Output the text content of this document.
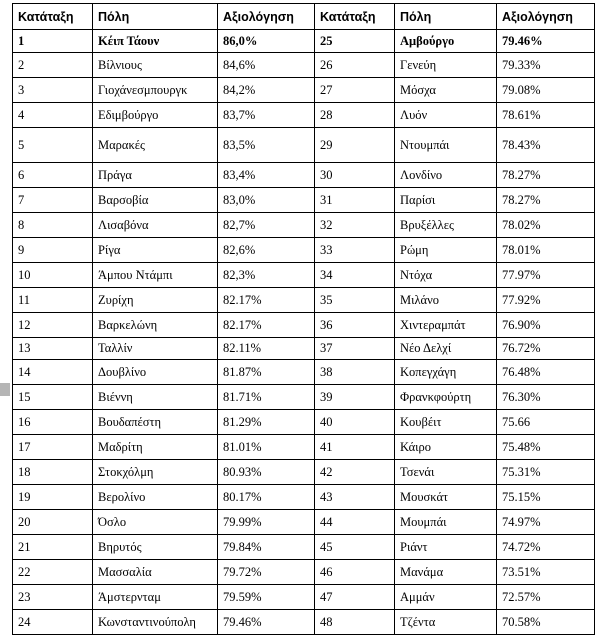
Κατάταξη	Πόλη	Αξιολόγηση	Κατάταξη	Πόλη	Αξιολόγηση
1	Κέιπ Τάουν	86,0%	25	Αμβούργο	79.46%
2	Βίλνιους	84,6%	26	Γενεύη	79.33%
3	Γιοχάνεσμπουργκ	84,2%	27	Μόσχα	79.08%
4	Εδιμβούργο	83,7%	28	Λυόν	78.61%
5	Μαρακές	83,5%	29	Ντουμπάι	78.43%
6	Πράγα	83,4%	30	Λονδίνο	78.27%
7	Βαρσοβία	83,0%	31	Παρίσι	78.27%
8	Λισαβόνα	82,7%	32	Βρυξέλλες	78.02%
9	Ρίγα	82,6%	33	Ρώμη	78.01%
10	Άμπου Ντάμπι	82,3%	34	Ντόχα	77.97%
11	Ζυρίχη	82.17%	35	Μιλάνο	77.92%
12	Βαρκελώνη	82.17%	36	Χιντεραμπάτ	76.90%
13	Ταλλίν	82.11%	37	Νέο Δελχί	76.72%
14	Δουβλίνο	81.87%	38	Κοπεγχάγη	76.48%
15	Βιέννη	81.71%	39	Φρανκφούρτη	76.30%
16	Βουδαπέστη	81.29%	40	Κουβέιτ	75.66
17	Μαδρίτη	81.01%	41	Κάιρο	75.48%
18	Στοκχόλμη	80.93%	42	Τσενάι	75.31%
19	Βερολίνο	80.17%	43	Μουσκάτ	75.15%
20	Όσλο	79.99%	44	Μουμπάι	74.97%
21	Βηρυτός	79.84%	45	Ριάντ	74.72%
22	Μασσαλία	79.72%	46	Μανάμα	73.51%
23	Άμστερνταμ	79.59%	47	Αμμάν	72.57%
24	Κωνσταντινούπολη	79.46%	48	Τζέντα	70.58%
